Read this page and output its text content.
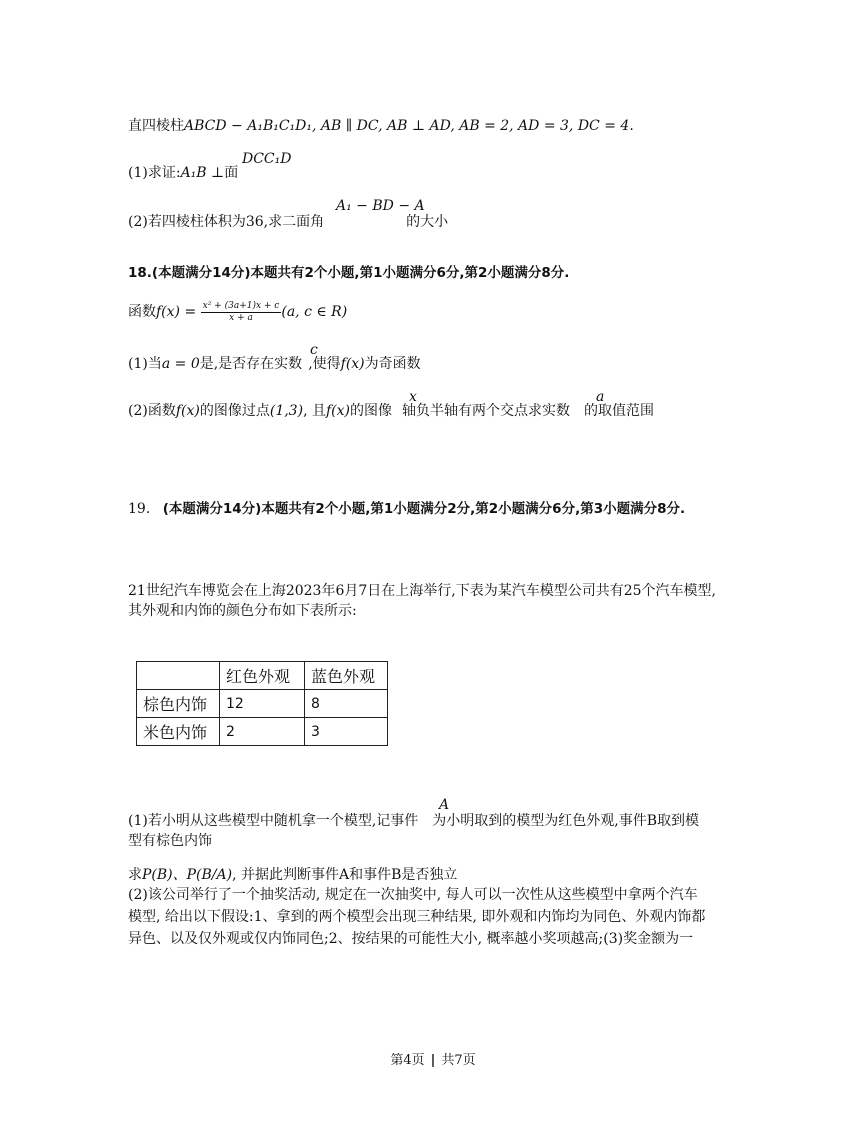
直四棱柱ABCD − A₁B₁C₁D₁, AB ∥ DC, AB ⊥ AD, AB = 2, AD = 3, DC = 4.
DCC₁D
(1)求证:A₁B ⊥面
A₁ − BD − A
(2)若四棱柱体积为36,求二面角	的大小
18.(本题满分14分)本题共有2个小题,第1小题满分6分,第2小题满分8分.
函数$f(x) = \frac{\text{x² + (3a+1)x + c}}{x + a} (a$, c ∈ R)
c
(1)当a = 0是,是否存在实数 ,使得f(x)为奇函数
x	a
(2)函数f(x)的图像过点(1,3), 且f(x)的图像 轴负半轴有两个交点求实数 的取值范围
19. (本题满分14分)本题共有2个小题,第1小题满分2分,第2小题满分6分,第3小题满分8分.
21世纪汽车博览会在上海2023年6月7日在上海举行,下表为某汽车模型公司共有25个汽车模型,
其外观和内饰的颜色分布如下表所示:
	红色外观	蓝色外观
棕色内饰	12	8
米色内饰	2	3
A
(1)若小明从这些模型中随机拿一个模型,记事件 为小明取到的模型为红色外观,事件B取到模
型有棕色内饰
求P(B)、P(B/A), 并据此判断事件A和事件B是否独立
(2)该公司举行了一个抽奖活动, 规定在一次抽奖中, 每人可以一次性从这些模型中拿两个汽车
模型, 给出以下假设:1、拿到的两个模型会出现三种结果, 即外观和内饰均为同色、外观内饰都
异色、以及仅外观或仅内饰同色;2、按结果的可能性大小, 概率越小奖项越高;(3)奖金额为一
第4页 | 共7页
